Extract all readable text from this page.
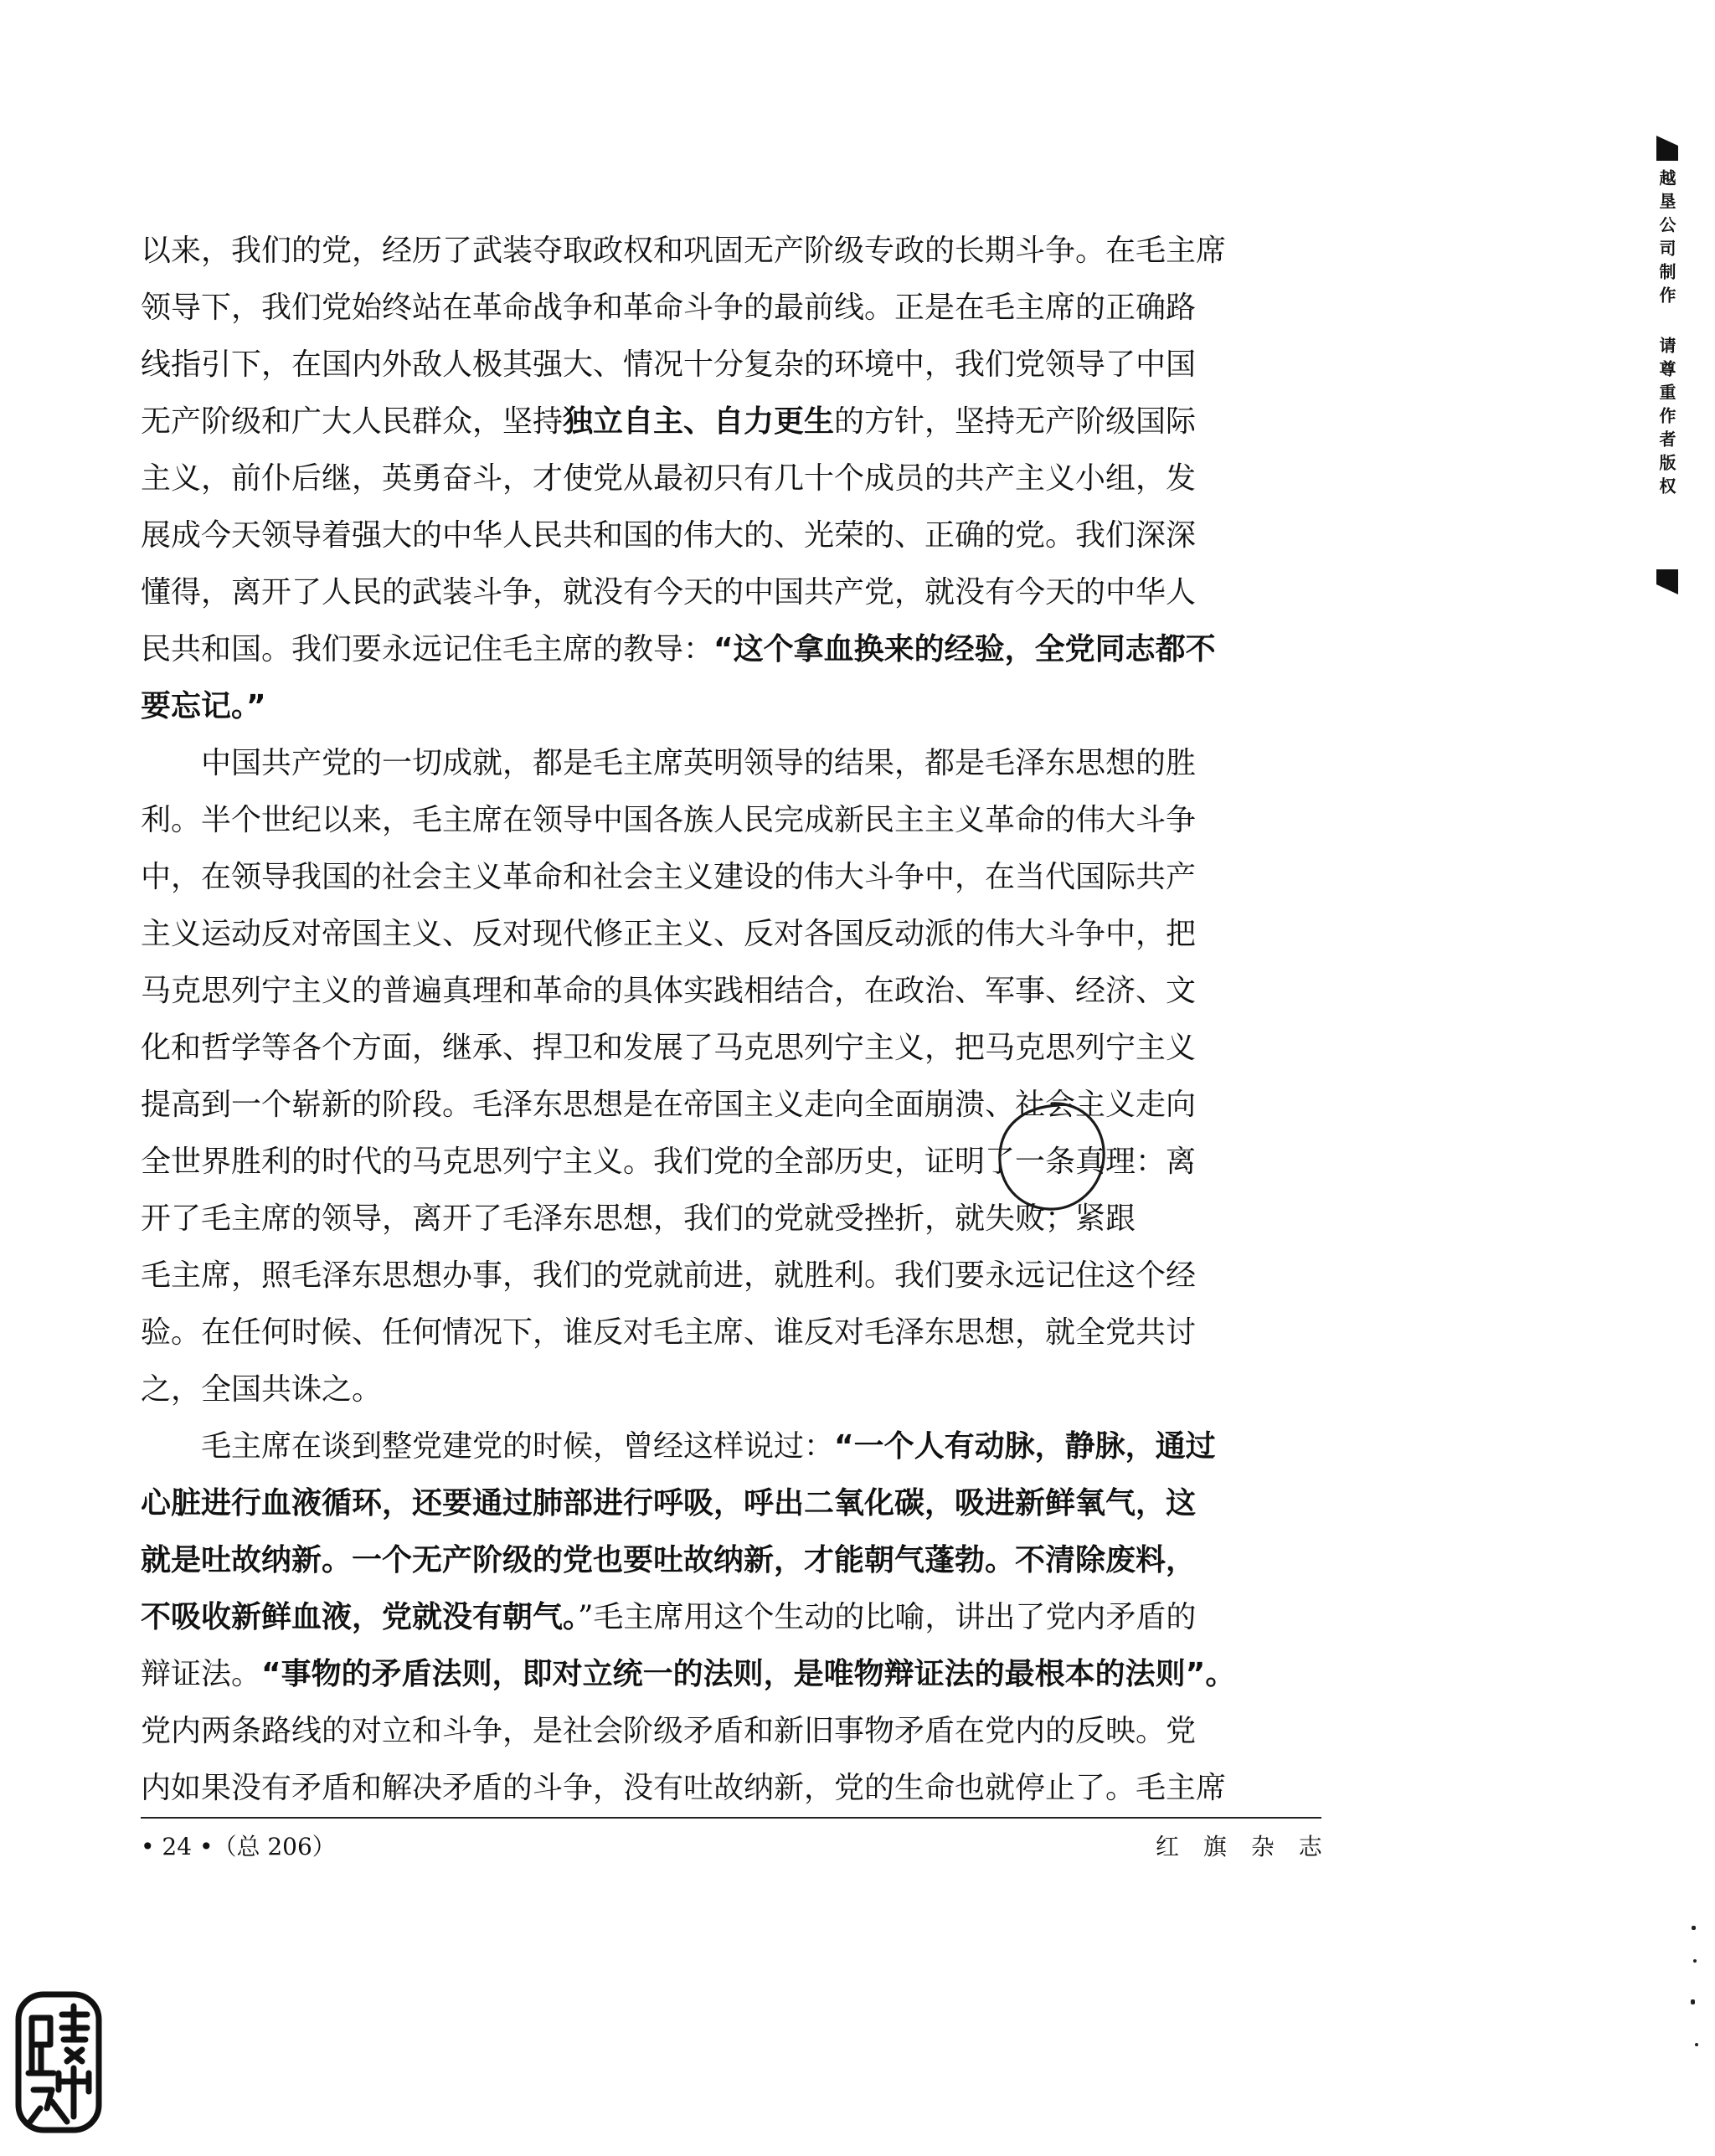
以来，我们的党，经历了武装夺取政权和巩固无产阶级专政的长期斗争。在毛主席
领导下，我们党始终站在革命战争和革命斗争的最前线。正是在毛主席的正确路
线指引下，在国内外敌人极其强大、情况十分复杂的环境中，我们党领导了中国
无产阶级和广大人民群众，坚持独立自主、自力更生的方针，坚持无产阶级国际
主义，前仆后继，英勇奋斗，才使党从最初只有几十个成员的共产主义小组，发
展成今天领导着强大的中华人民共和国的伟大的、光荣的、正确的党。我们深深
懂得，离开了人民的武装斗争，就没有今天的中国共产党，就没有今天的中华人
民共和国。我们要永远记住毛主席的教导：“这个拿血换来的经验，全党同志都不
要忘记。”
　　中国共产党的一切成就，都是毛主席英明领导的结果，都是毛泽东思想的胜
利。半个世纪以来，毛主席在领导中国各族人民完成新民主主义革命的伟大斗争
中，在领导我国的社会主义革命和社会主义建设的伟大斗争中，在当代国际共产
主义运动反对帝国主义、反对现代修正主义、反对各国反动派的伟大斗争中，把
马克思列宁主义的普遍真理和革命的具体实践相结合，在政治、军事、经济、文
化和哲学等各个方面，继承、捍卫和发展了马克思列宁主义，把马克思列宁主义
提高到一个崭新的阶段。毛泽东思想是在帝国主义走向全面崩溃、社会主义走向
全世界胜利的时代的马克思列宁主义。我们党的全部历史，证明了一条真理：离
开了毛主席的领导，离开了毛泽东思想，我们的党就受挫折，就失败；紧跟
毛主席，照毛泽东思想办事，我们的党就前进，就胜利。我们要永远记住这个经
验。在任何时候、任何情况下，谁反对毛主席、谁反对毛泽东思想，就全党共讨
之，全国共诛之。
　　毛主席在谈到整党建党的时候，曾经这样说过：“一个人有动脉，静脉，通过
心脏进行血液循环，还要通过肺部进行呼吸，呼出二氧化碳，吸进新鲜氧气，这
就是吐故纳新。一个无产阶级的党也要吐故纳新，才能朝气蓬勃。不清除废料，
不吸收新鲜血液，党就没有朝气。”毛主席用这个生动的比喻，讲出了党内矛盾的
辩证法。“事物的矛盾法则，即对立统一的法则，是唯物辩证法的最根本的法则”。
党内两条路线的对立和斗争，是社会阶级矛盾和新旧事物矛盾在党内的反映。党
内如果没有矛盾和解决矛盾的斗争，没有吐故纳新，党的生命也就停止了。毛主席
• 24 •（总 206）	红 旗 杂 志
越垦公司制作 请尊重作者版权
